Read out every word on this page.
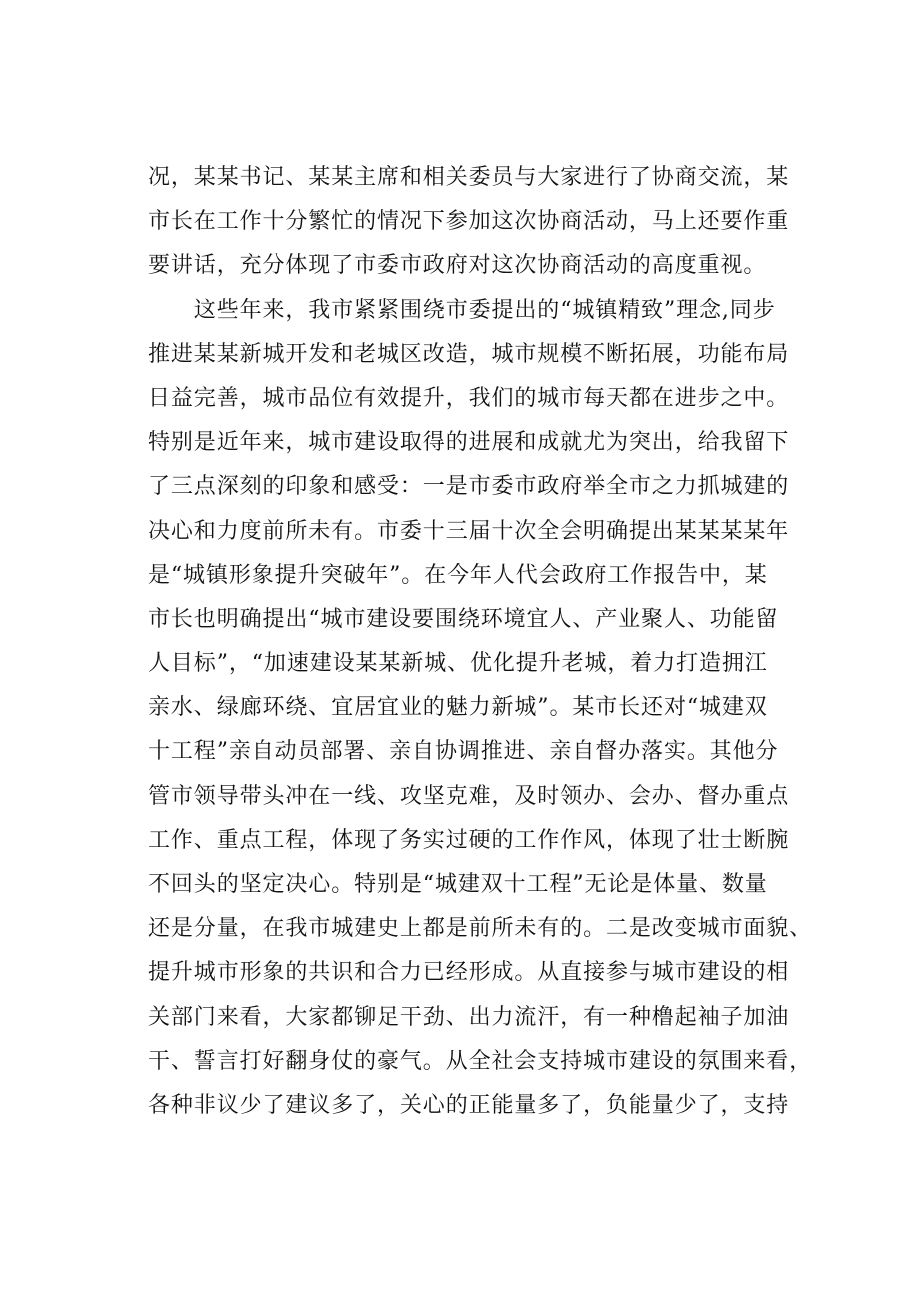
况，某某书记、某某主席和相关委员与大家进行了协商交流，某
市长在工作十分繁忙的情况下参加这次协商活动，马上还要作重
要讲话，充分体现了市委市政府对这次协商活动的高度重视。
　　这些年来，我市紧紧围绕市委提出的“城镇精致”理念,同步
推进某某新城开发和老城区改造，城市规模不断拓展，功能布局
日益完善，城市品位有效提升，我们的城市每天都在进步之中。
特别是近年来，城市建设取得的进展和成就尤为突出，给我留下
了三点深刻的印象和感受：一是市委市政府举全市之力抓城建的
决心和力度前所未有。市委十三届十次全会明确提出某某某某年
是“城镇形象提升突破年”。在今年人代会政府工作报告中，某
市长也明确提出“城市建设要围绕环境宜人、产业聚人、功能留
人目标”，“加速建设某某新城、优化提升老城，着力打造拥江
亲水、绿廊环绕、宜居宜业的魅力新城”。某市长还对“城建双
十工程”亲自动员部署、亲自协调推进、亲自督办落实。其他分
管市领导带头冲在一线、攻坚克难，及时领办、会办、督办重点
工作、重点工程，体现了务实过硬的工作作风，体现了壮士断腕
不回头的坚定决心。特别是“城建双十工程”无论是体量、数量
还是分量，在我市城建史上都是前所未有的。二是改变城市面貌、
提升城市形象的共识和合力已经形成。从直接参与城市建设的相
关部门来看，大家都铆足干劲、出力流汗，有一种橹起袖子加油
干、誓言打好翻身仗的豪气。从全社会支持城市建设的氛围来看，
各种非议少了建议多了，关心的正能量多了，负能量少了，支持
